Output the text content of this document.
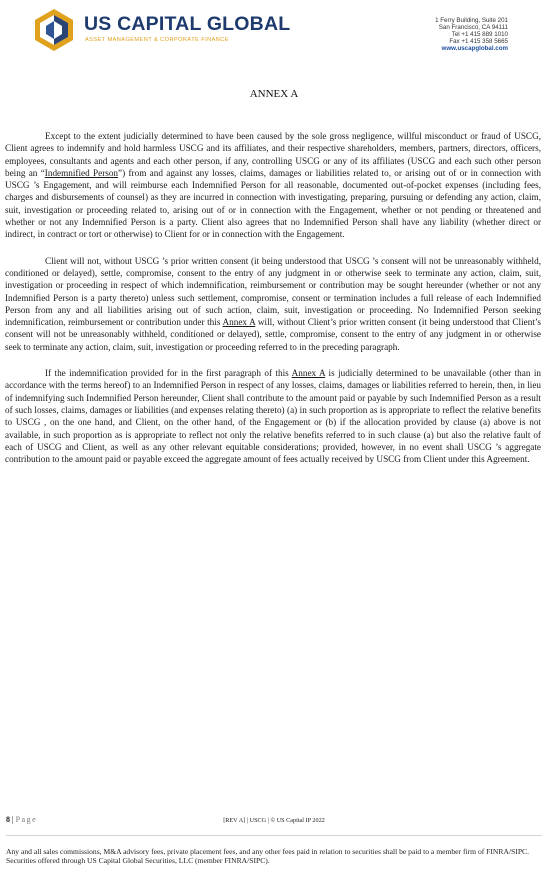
US CAPITAL GLOBAL
ASSET MANAGEMENT & CORPORATE FINANCE
1 Ferry Building, Suite 201
San Francisco, CA 94111
Tel +1 415 889 1010
Fax +1 415 358 5665
www.uscapglobal.com
ANNEX A

Except to the extent judicially determined to have been caused by the sole gross negligence, willful misconduct or fraud of USCG, Client agrees to indemnify and hold harmless USCG and its affiliates, and their respective shareholders, members, partners, directors, officers, employees, consultants and agents and each other person, if any, controlling USCG or any of its affiliates (USCG and each such other person being an “Indemnified Person”) from and against any losses, claims, damages or liabilities related to, or arising out of or in connection with USCG ’s Engagement, and will reimburse each Indemnified Person for all reasonable, documented out-of-pocket expenses (including fees, charges and disbursements of counsel) as they are incurred in connection with investigating, preparing, pursuing or defending any action, claim, suit, investigation or proceeding related to, arising out of or in connection with the Engagement, whether or not pending or threatened and whether or not any Indemnified Person is a party. Client also agrees that no Indemnified Person shall have any liability (whether direct or indirect, in contract or tort or otherwise) to Client for or in connection with the Engagement.

Client will not, without USCG ’s prior written consent (it being understood that USCG ’s consent will not be unreasonably withheld, conditioned or delayed), settle, compromise, consent to the entry of any judgment in or otherwise seek to terminate any action, claim, suit, investigation or proceeding in respect of which indemnification, reimbursement or contribution may be sought hereunder (whether or not any Indemnified Person is a party thereto) unless such settlement, compromise, consent or termination includes a full release of each Indemnified Person from any and all liabilities arising out of such action, claim, suit, investigation or proceeding. No Indemnified Person seeking indemnification, reimbursement or contribution under this Annex A will, without Client’s prior written consent (it being understood that Client’s consent will not be unreasonably withheld, conditioned or delayed), settle, compromise, consent to the entry of any judgment in or otherwise seek to terminate any action, claim, suit, investigation or proceeding referred to in the preceding paragraph.

If the indemnification provided for in the first paragraph of this Annex A is judicially determined to be unavailable (other than in accordance with the terms hereof) to an Indemnified Person in respect of any losses, claims, damages or liabilities referred to herein, then, in lieu of indemnifying such Indemnified Person hereunder, Client shall contribute to the amount paid or payable by such Indemnified Person as a result of such losses, claims, damages or liabilities (and expenses relating thereto) (a) in such proportion as is appropriate to reflect the relative benefits to USCG , on the one hand, and Client, on the other hand, of the Engagement or (b) if the allocation provided by clause (a) above is not available, in such proportion as is appropriate to reflect not only the relative benefits referred to in such clause (a) but also the relative fault of each of USCG and Client, as well as any other relevant equitable considerations; provided, however, in no event shall USCG ’s aggregate contribution to the amount paid or payable exceed the aggregate amount of fees actually received by USCG from Client under this Agreement.

8 | Page	[REV A] | USCG | © US Capital IP 2022
Any and all sales commissions, M&A advisory fees, private placement fees, and any other fees paid in relation to securities shall be paid to a member firm of FINRA/SIPC. Securities offered through US Capital Global Securities, LLC (member FINRA/SIPC).
